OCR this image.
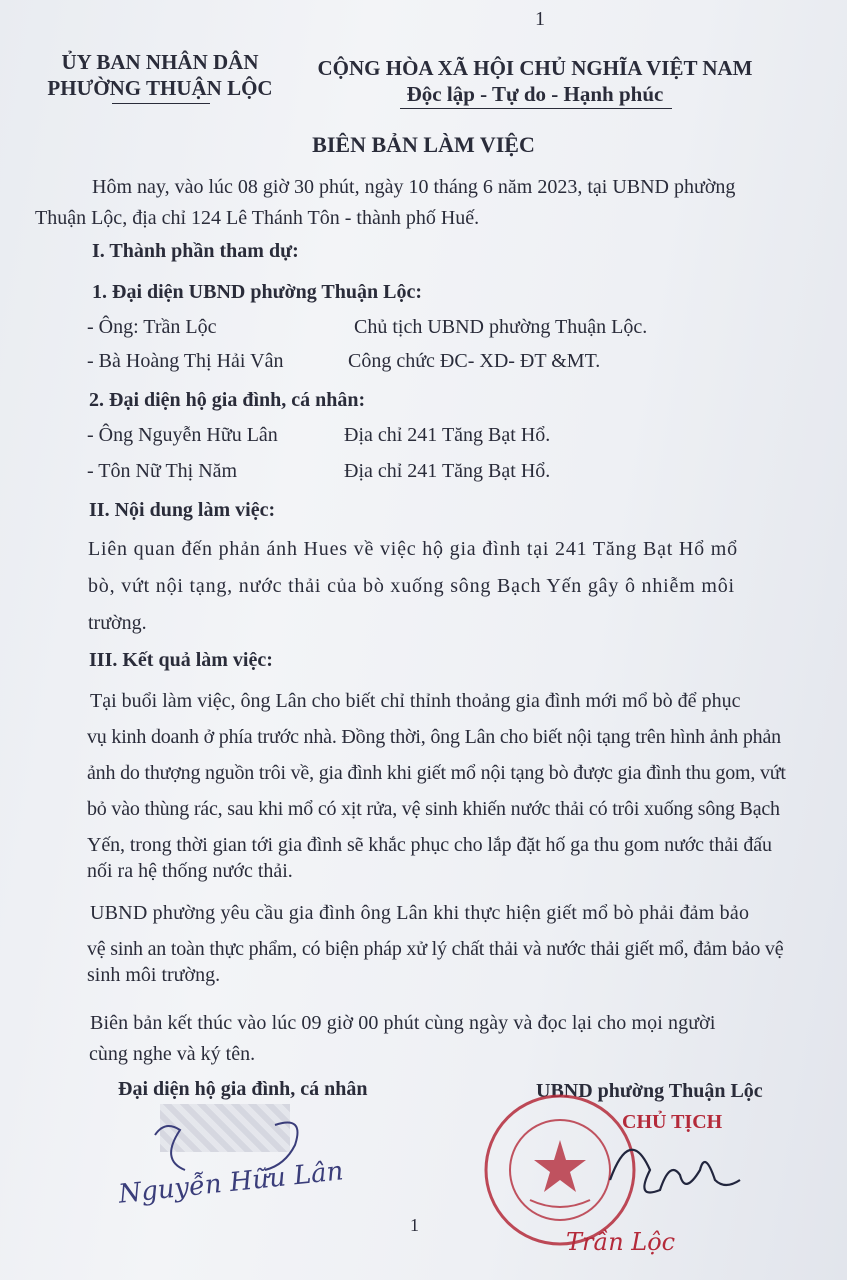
1
ỦY BAN NHÂN DÂN
PHƯỜNG THUẬN LỘC
CỘNG HÒA XÃ HỘI CHỦ NGHĨA VIỆT NAM
Độc lập - Tự do - Hạnh phúc
BIÊN BẢN LÀM VIỆC
Hôm nay, vào lúc 08 giờ 30 phút, ngày 10 tháng 6 năm 2023, tại UBND phường
Thuận Lộc, địa chỉ 124 Lê Thánh Tôn - thành phố Huế.
I. Thành phần tham dự:
1. Đại diện UBND phường Thuận Lộc:
- Ông: Trần Lộc	Chủ tịch UBND phường Thuận Lộc.
- Bà Hoàng Thị Hải Vân	Công chức ĐC- XD- ĐT &MT.
2. Đại diện hộ gia đình, cá nhân:
- Ông Nguyễn Hữu Lân	Địa chỉ 241 Tăng Bạt Hổ.
- Tôn Nữ Thị Năm	Địa chỉ 241 Tăng Bạt Hổ.
II. Nội dung làm việc:
Liên quan đến phản ánh Hues về việc hộ gia đình tại 241 Tăng Bạt Hổ mổ
bò, vứt nội tạng, nước thải của bò xuống sông Bạch Yến gây ô nhiễm môi
trường.
III. Kết quả làm việc:
Tại buổi làm việc, ông Lân cho biết chỉ thỉnh thoảng gia đình mới mổ bò để phục
vụ kinh doanh ở phía trước nhà. Đồng thời, ông Lân cho biết nội tạng trên hình ảnh phản
ảnh do thượng nguồn trôi về, gia đình khi giết mổ nội tạng bò được gia đình thu gom, vứt
bỏ vào thùng rác, sau khi mổ có xịt rửa, vệ sinh khiến nước thải có trôi xuống sông Bạch
Yến, trong thời gian tới gia đình sẽ khắc phục cho lắp đặt hố ga thu gom nước thải đấu
nối ra hệ thống nước thải.
UBND phường yêu cầu gia đình ông Lân khi thực hiện giết mổ bò phải đảm bảo
vệ sinh an toàn thực phẩm, có biện pháp xử lý chất thải và nước thải giết mổ, đảm bảo vệ
sinh môi trường.
Biên bản kết thúc vào lúc 09 giờ 00 phút cùng ngày và đọc lại cho mọi người
cùng nghe và ký tên.
Đại diện hộ gia đình, cá nhân	UBND phường Thuận Lộc
Nguyễn Hữu Lân
CHỦ TỊCH
Trần Lộc
1
